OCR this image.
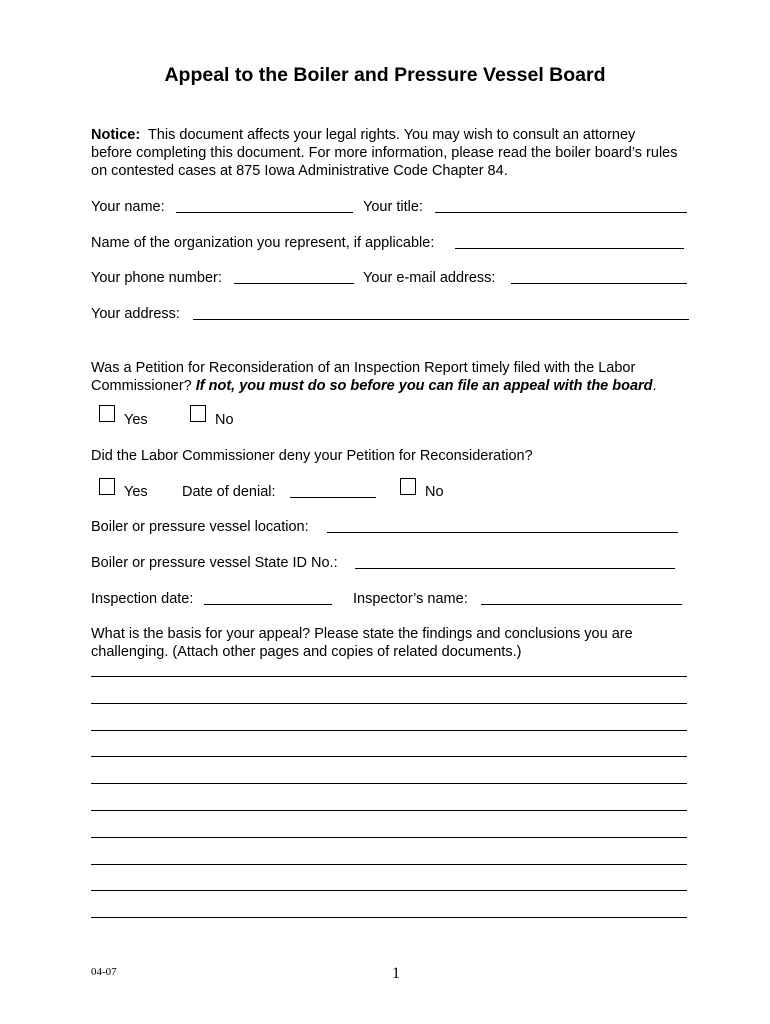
Appeal to the Boiler and Pressure Vessel Board
Notice: This document affects your legal rights. You may wish to consult an attorney
before completing this document. For more information, please read the boiler board’s rules
on contested cases at 875 Iowa Administrative Code Chapter 84.
Your name:	Your title:
Name of the organization you represent, if applicable:
Your phone number:	Your e-mail address:
Your address:
Was a Petition for Reconsideration of an Inspection Report timely filed with the Labor
Commissioner? If not, you must do so before you can file an appeal with the board.
Yes	No
Did the Labor Commissioner deny your Petition for Reconsideration?
Yes Date of denial:	No
Boiler or pressure vessel location:
Boiler or pressure vessel State ID No.:
Inspection date:	Inspector’s name:
What is the basis for your appeal? Please state the findings and conclusions you are
challenging. (Attach other pages and copies of related documents.)
04-07	1
